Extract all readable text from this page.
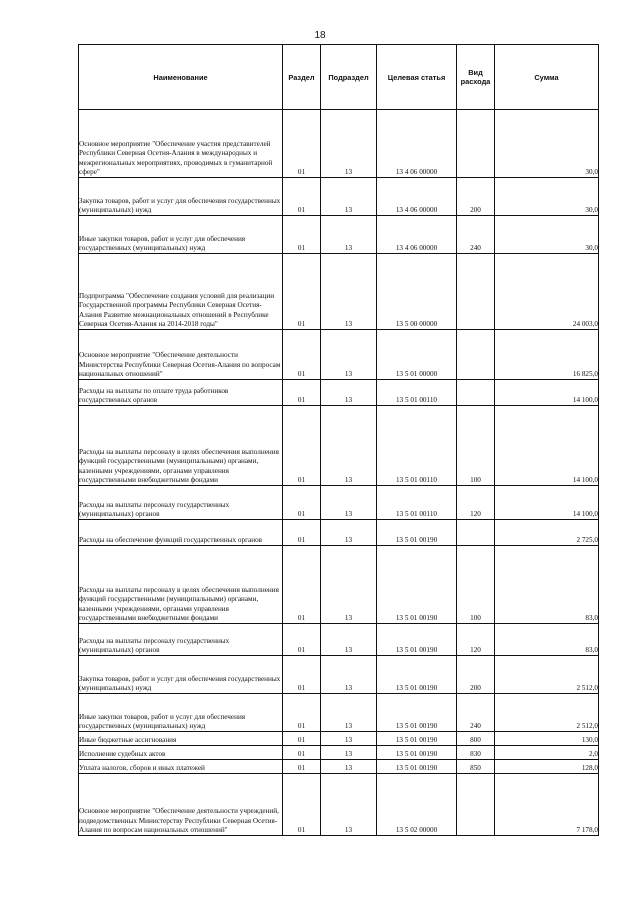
18
Наименование	Раздел	Подраздел	Целевая статья	Вид расхода	Сумма
Основное мероприятие "Обеспечение участия представителей Республики Северная Осетия-Алания в международных и межрегиональных мероприятиях, проводимых в гуманитарной сфере"	01	13	13 4 06 00000		30,0
Закупка товаров, работ и услуг для обеспечения государственных (муниципальных) нужд	01	13	13 4 06 00000	200	30,0
Иные закупки товаров, работ и услуг для обеспечения государственных (муниципальных) нужд	01	13	13 4 06 00000	240	30,0
Подпрограмма "Обеспечение создания условий для реализации Государственной программы Республики Северная Осетия-Алания Развитие межнациональных отношений в Республике Северная Осетия-Алания на 2014-2018 годы"	01	13	13 5 00 00000		24 003,0
Основное мероприятие "Обеспечение деятельности Министерства Республики Северная Осетия-Алания по вопросам национальных отношений"	01	13	13 5 01 00000		16 825,0
Расходы на выплаты по оплате труда работников государственных органов	01	13	13 5 01 00110		14 100,0
Расходы на выплаты персоналу в целях обеспечения выполнения функций государственными (муниципальными) органами, казенными учреждениями, органами управления государственными внебюджетными фондами	01	13	13 5 01 00110	100	14 100,0
Расходы на выплаты персоналу государственных (муниципальных) органов	01	13	13 5 01 00110	120	14 100,0
Расходы на обеспечение функций государственных органов	01	13	13 5 01 00190		2 725,0
Расходы на выплаты персоналу в целях обеспечения выполнения функций государственными (муниципальными) органами, казенными учреждениями, органами управления государственными внебюджетными фондами	01	13	13 5 01 00190	100	83,0
Расходы на выплаты персоналу государственных (муниципальных) органов	01	13	13 5 01 00190	120	83,0
Закупка товаров, работ и услуг для обеспечения государственных (муниципальных) нужд	01	13	13 5 01 00190	200	2 512,0
Иные закупки товаров, работ и услуг для обеспечения государственных (муниципальных) нужд	01	13	13 5 01 00190	240	2 512,0
Иные бюджетные ассигнования	01	13	13 5 01 00190	800	130,0
Исполнение судебных актов	01	13	13 5 01 00190	830	2,0
Уплата налогов, сборов и иных платежей	01	13	13 5 01 00190	850	128,0
Основное мероприятие "Обеспечение деятельности учреждений, подведомственных Министерству Республики Северная Осетия-Алания по вопросам национальных отношений"	01	13	13 5 02 00000		7 178,0
